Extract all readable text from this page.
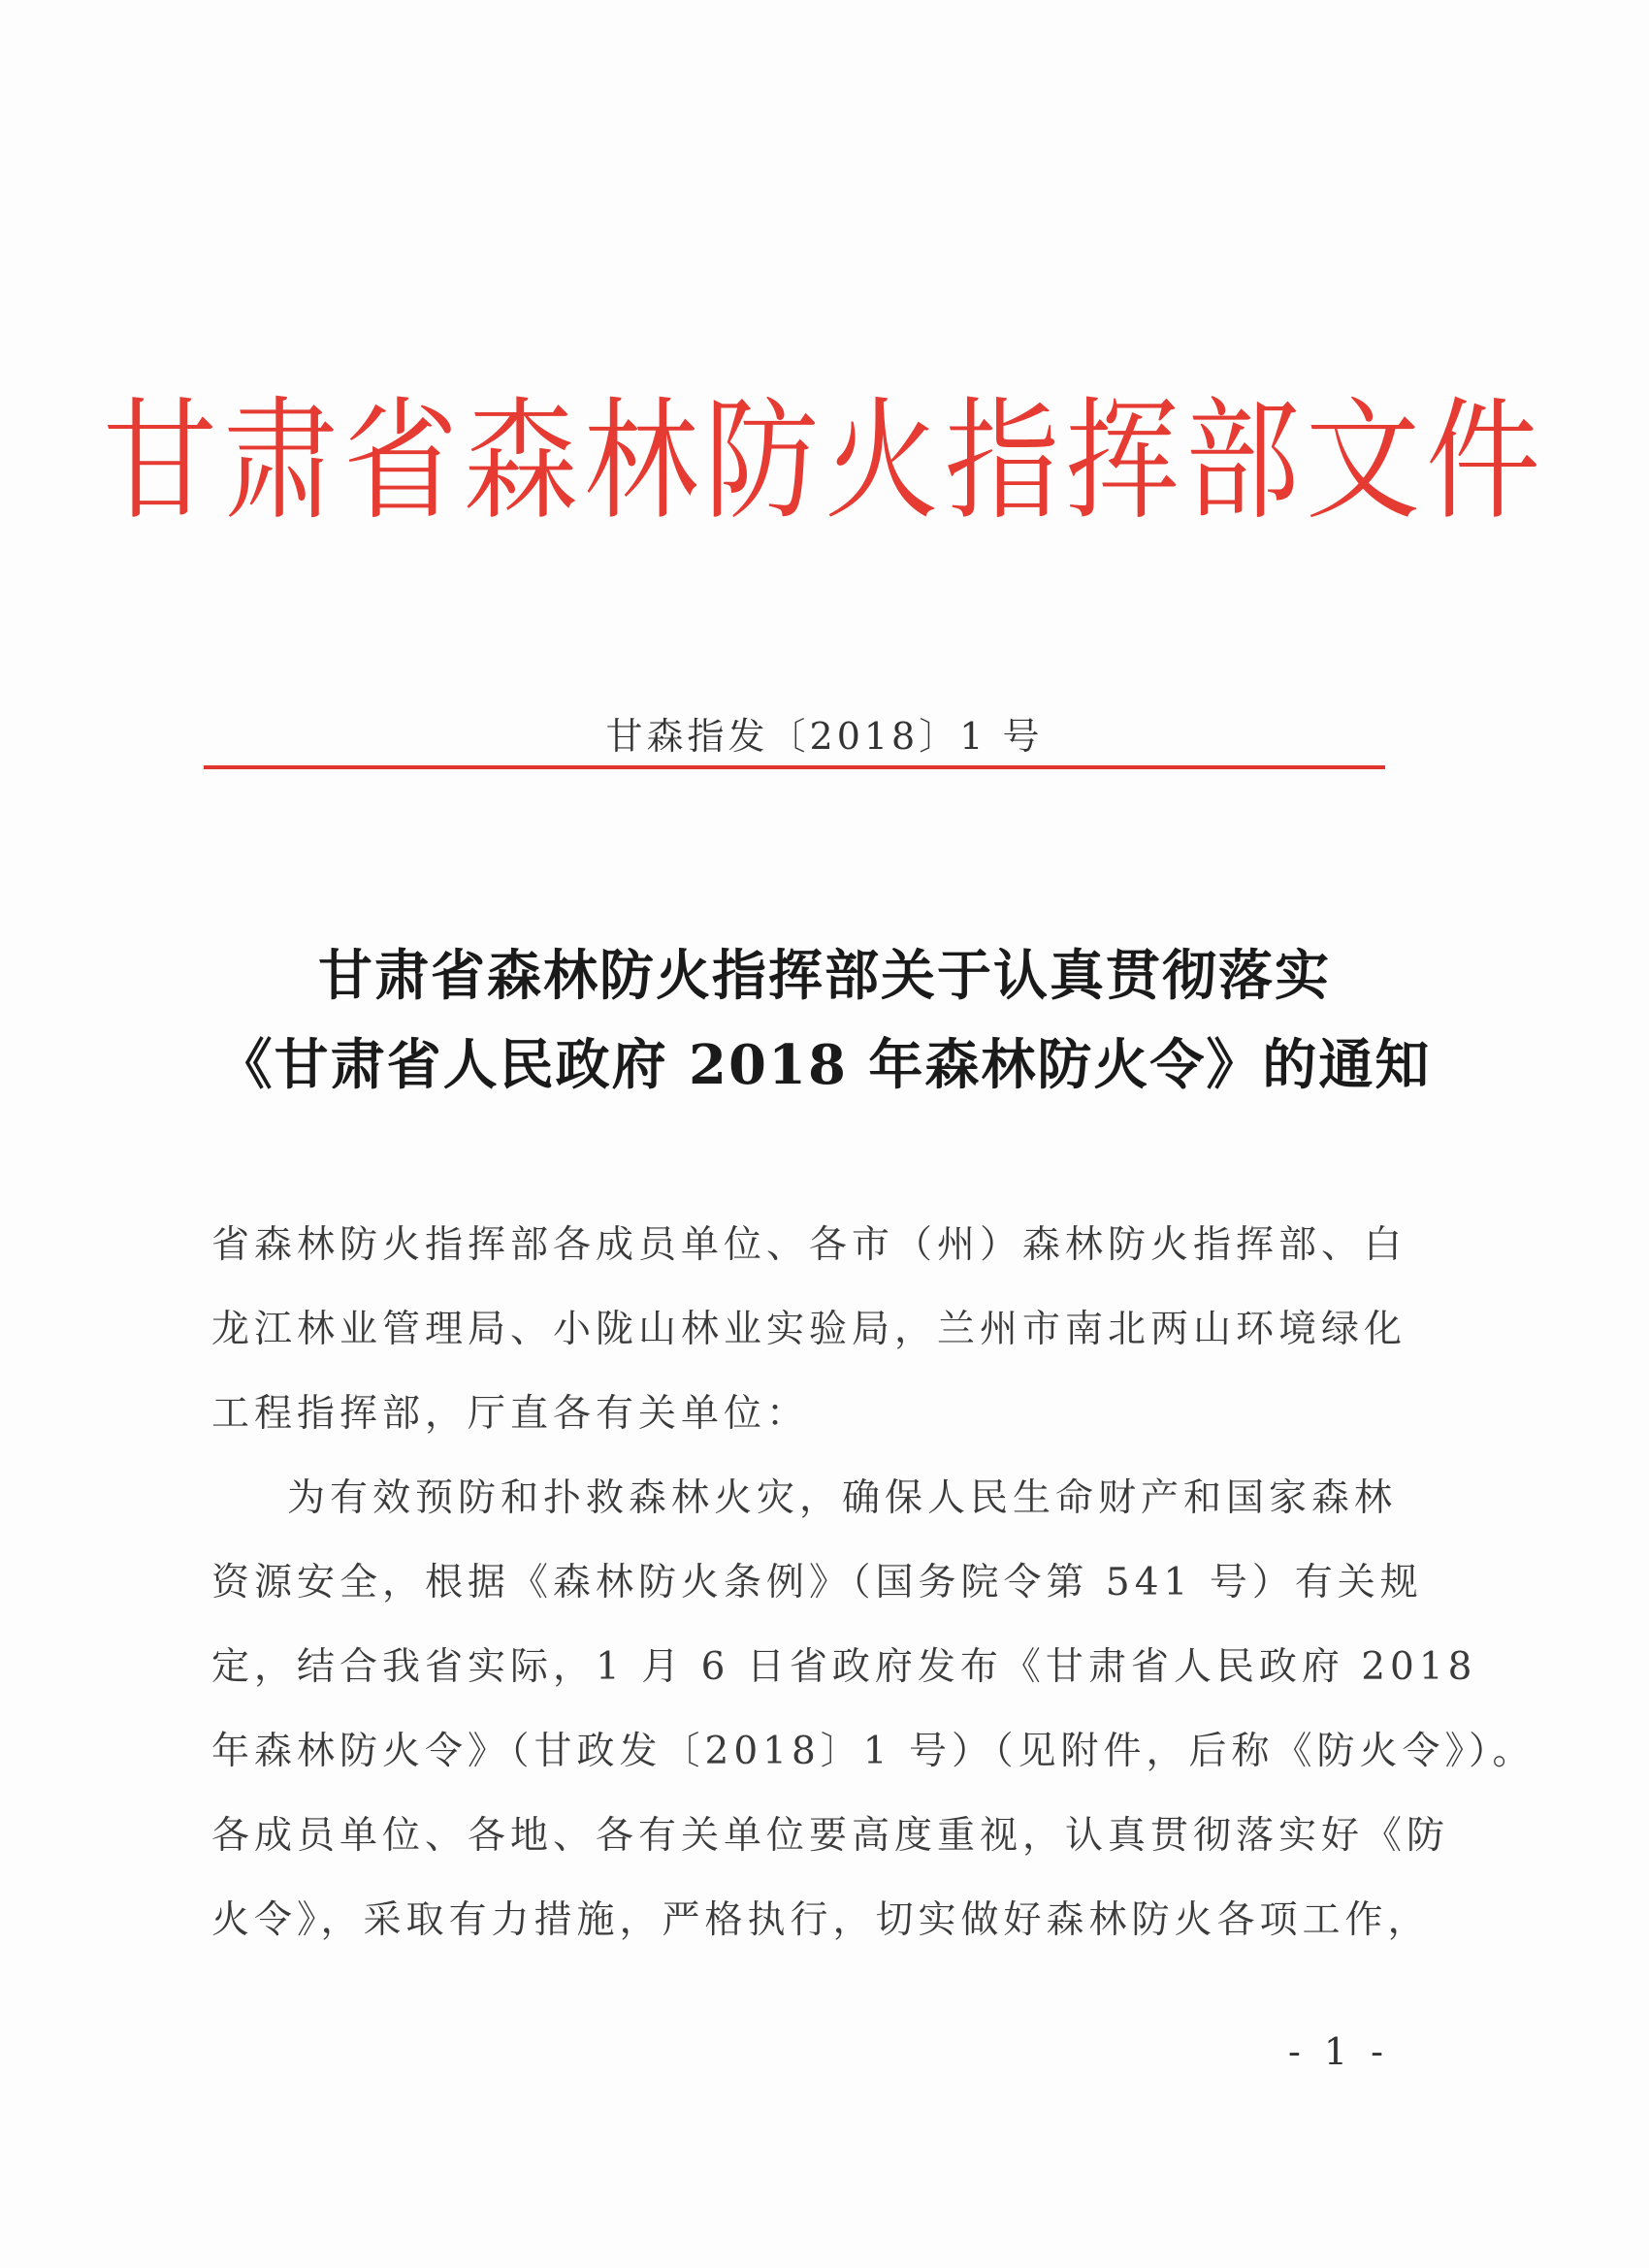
甘肃省森林防火指挥部文件
甘森指发〔2018〕1 号
甘肃省森林防火指挥部关于认真贯彻落实
《甘肃省人民政府 2018 年森林防火令》的通知
省森林防火指挥部各成员单位、各市（州）森林防火指挥部、白
龙江林业管理局、小陇山林业实验局，兰州市南北两山环境绿化
工程指挥部，厅直各有关单位：
为有效预防和扑救森林火灾，确保人民生命财产和国家森林
资源安全，根据《森林防火条例》（国务院令第 541 号）有关规
定，结合我省实际，1 月 6 日省政府发布《甘肃省人民政府 2018
年森林防火令》（甘政发〔2018〕1 号）（见附件，后称《防火令》）。
各成员单位、各地、各有关单位要高度重视，认真贯彻落实好《防
火令》，采取有力措施，严格执行，切实做好森林防火各项工作，
- 1 -
